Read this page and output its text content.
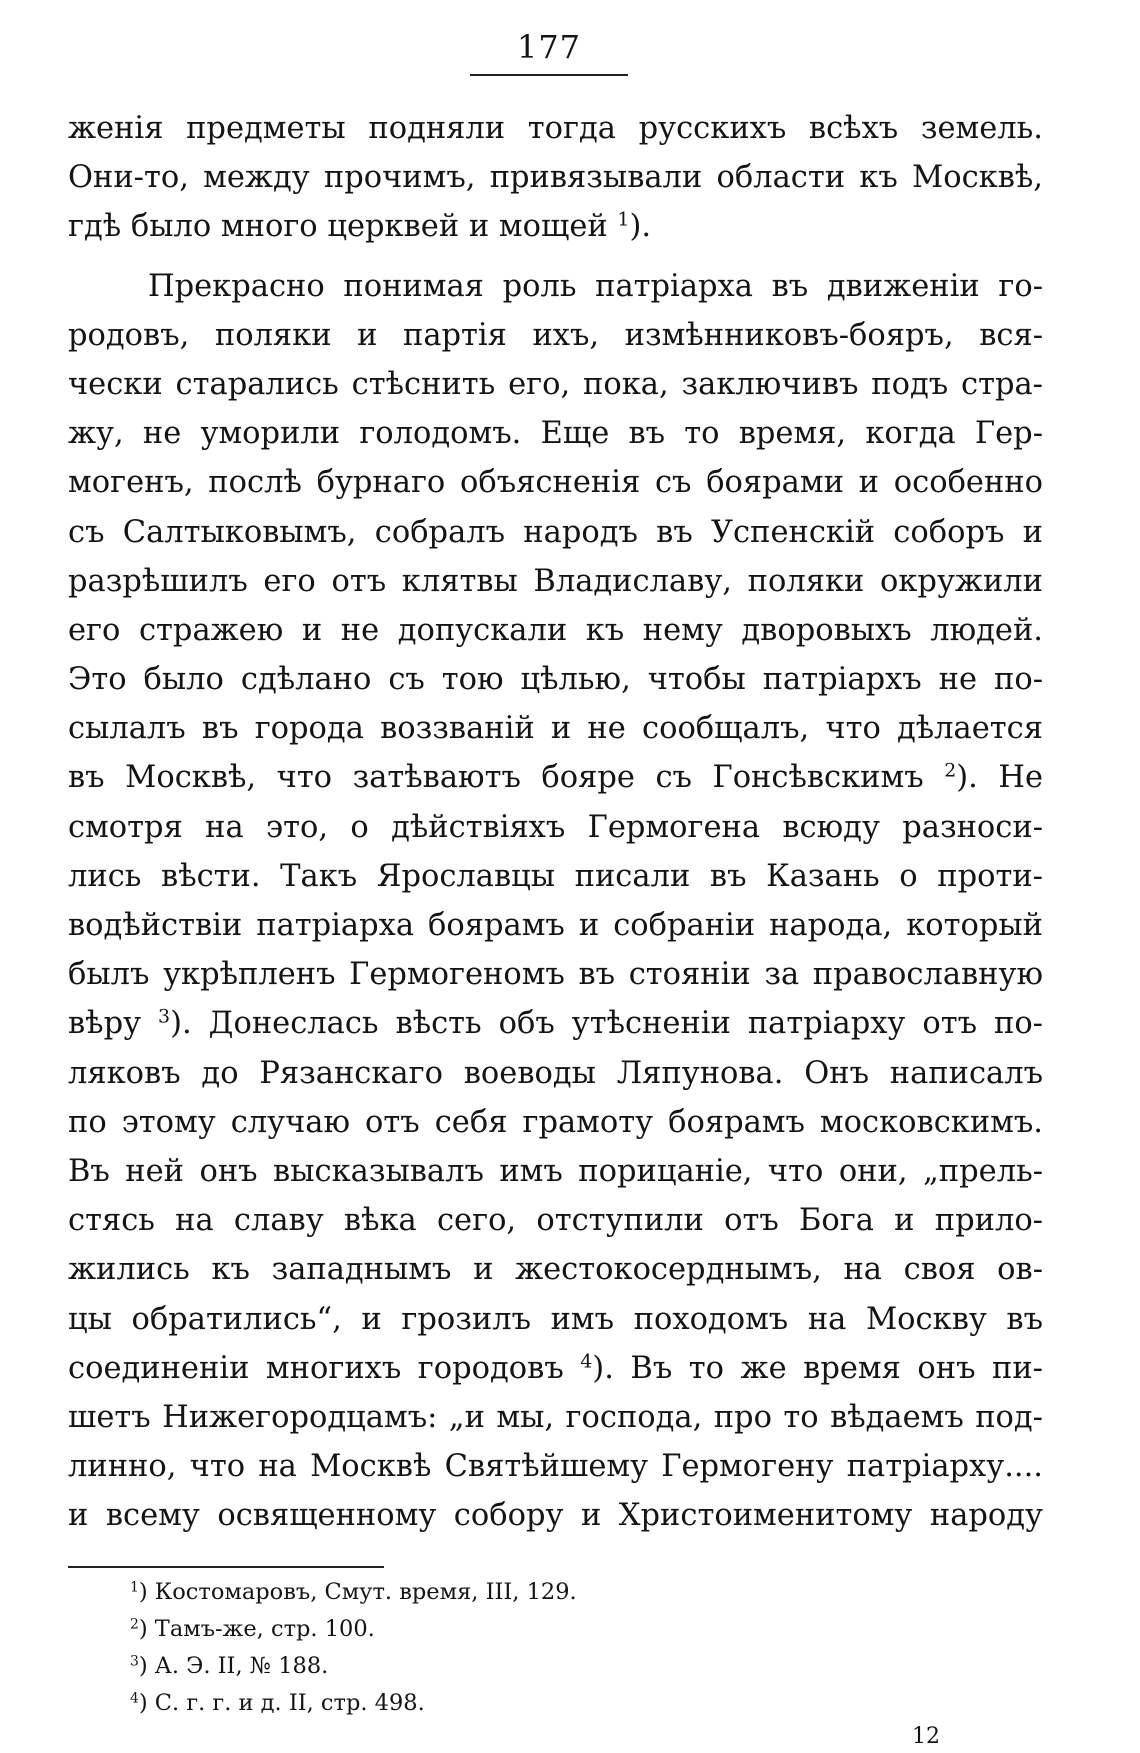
177
женія предметы подняли тогда русскихъ всѣхъ земель.
Они-то, между прочимъ, привязывали области къ Москвѣ,
гдѣ было много церквей и мощей $^1$).
Прекрасно понимая роль патріарха въ движеніи го-
родовъ, поляки и партія ихъ, измѣнниковъ-бояръ, вся-
чески старались стѣснить его, пока, заключивъ подъ стра-
жу, не уморили голодомъ. Еще въ то время, когда Гер-
могенъ, послѣ бурнаго объясненія съ боярами и особенно
съ Салтыковымъ, собралъ народъ въ Успенскій соборъ и
разрѣшилъ его отъ клятвы Владиславу, поляки окружили
его стражею и не допускали къ нему дворовыхъ людей.
Это было сдѣлано съ тою цѣлью, чтобы патріархъ не по-
сылалъ въ города воззваній и не сообщалъ, что дѣлается
въ Москвѣ, что затѣваютъ бояре съ Гонсѣвскимъ $^2$). Не
смотря на это, о дѣйствіяхъ Гермогена всюду разноси-
лись вѣсти. Такъ Ярославцы писали въ Казань о проти-
водѣйствіи патріарха боярамъ и собраніи народа, который
былъ укрѣпленъ Гермогеномъ въ стояніи за православную
вѣру $^3$). Донеслась вѣсть объ утѣсненіи патріарху отъ по-
ляковъ до Рязанскаго воеводы Ляпунова. Онъ написалъ
по этому случаю отъ себя грамоту боярамъ московскимъ.
Въ ней онъ высказывалъ имъ порицаніе, что они, „прель-
стясь на славу вѣка сего, отступили отъ Бога и прило-
жились къ западнымъ и жестокосерднымъ, на своя ов-
цы обратились“, и грозилъ имъ походомъ на Москву въ
соединеніи многихъ городовъ $^4$). Въ то же время онъ пи-
шетъ Нижегородцамъ: „и мы, господа, про то вѣдаемъ под-
линно, что на Москвѣ Святѣйшему Гермогену патріарху....
и всему освященному собору и Христоименитому народу
$^1$) Костомаровъ, Смут. время, III, 129.
$^2$) Тамъ-же, стр. 100.
$^3$) А. Э. II, № 188.
$^4$) С. г. г. и д. II, стр. 498.
12
